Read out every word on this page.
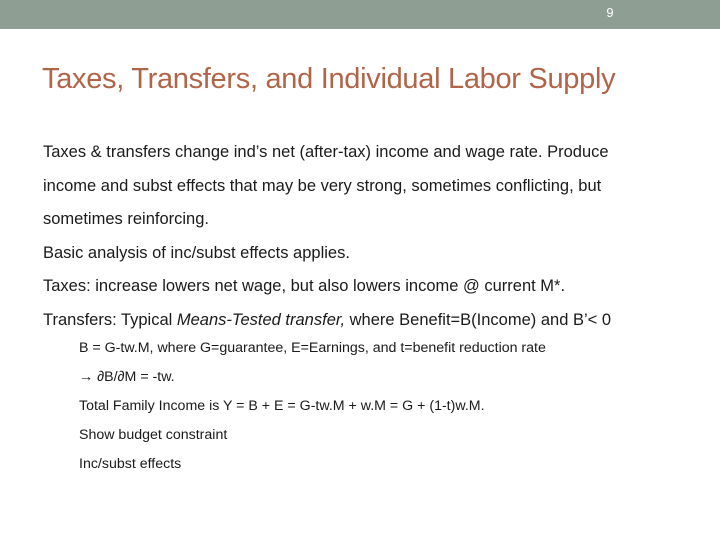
9
Taxes, Transfers, and Individual Labor Supply

Taxes & transfers change ind’s net (after-tax) income and wage rate. Produce

income and subst effects that may be very strong, sometimes conflicting, but

sometimes reinforcing.

Basic analysis of inc/subst effects applies.

Taxes: increase lowers net wage, but also lowers income @ current M*.

Transfers: Typical Means-Tested transfer, where Benefit=B(Income) and B’< 0

B = G-tw.M, where G=guarantee, E=Earnings, and t=benefit reduction rate

→ ∂B/∂M = -tw.

Total Family Income is Y = B + E = G-tw.M + w.M = G + (1-t)w.M.

Show budget constraint

Inc/subst effects
